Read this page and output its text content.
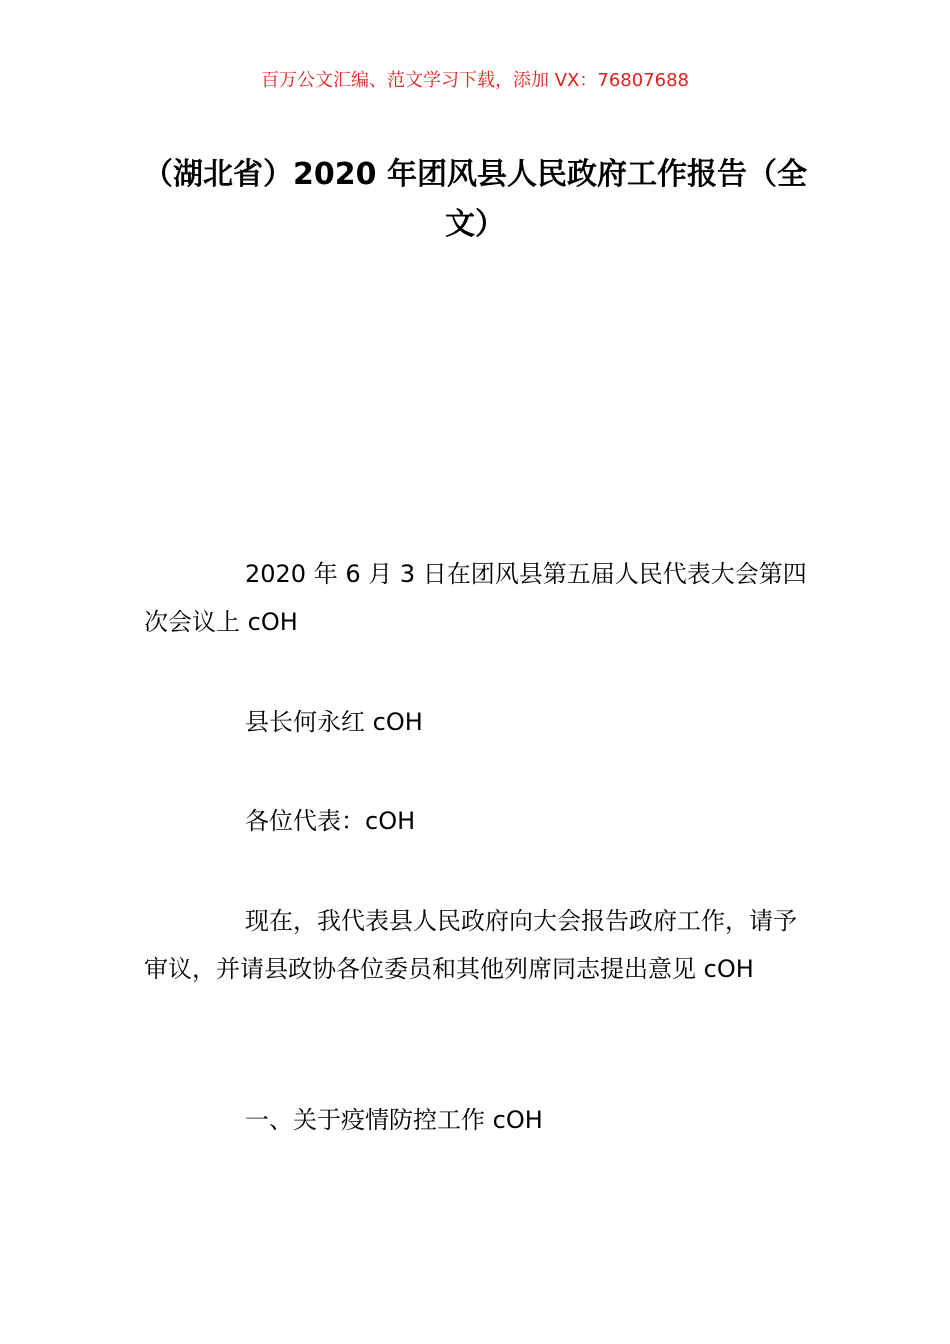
百万公文汇编、范文学习下载，添加 VX：76807688
（湖北省）2020 年团风县人民政府工作报告（全文）

2020 年 6 月 3 日在团风县第五届人民代表大会第四次会议上 cOH

县长何永红 cOH

各位代表：cOH

现在，我代表县人民政府向大会报告政府工作，请予审议，并请县政协各位委员和其他列席同志提出意见 cOH

一、关于疫情防控工作 cOH
